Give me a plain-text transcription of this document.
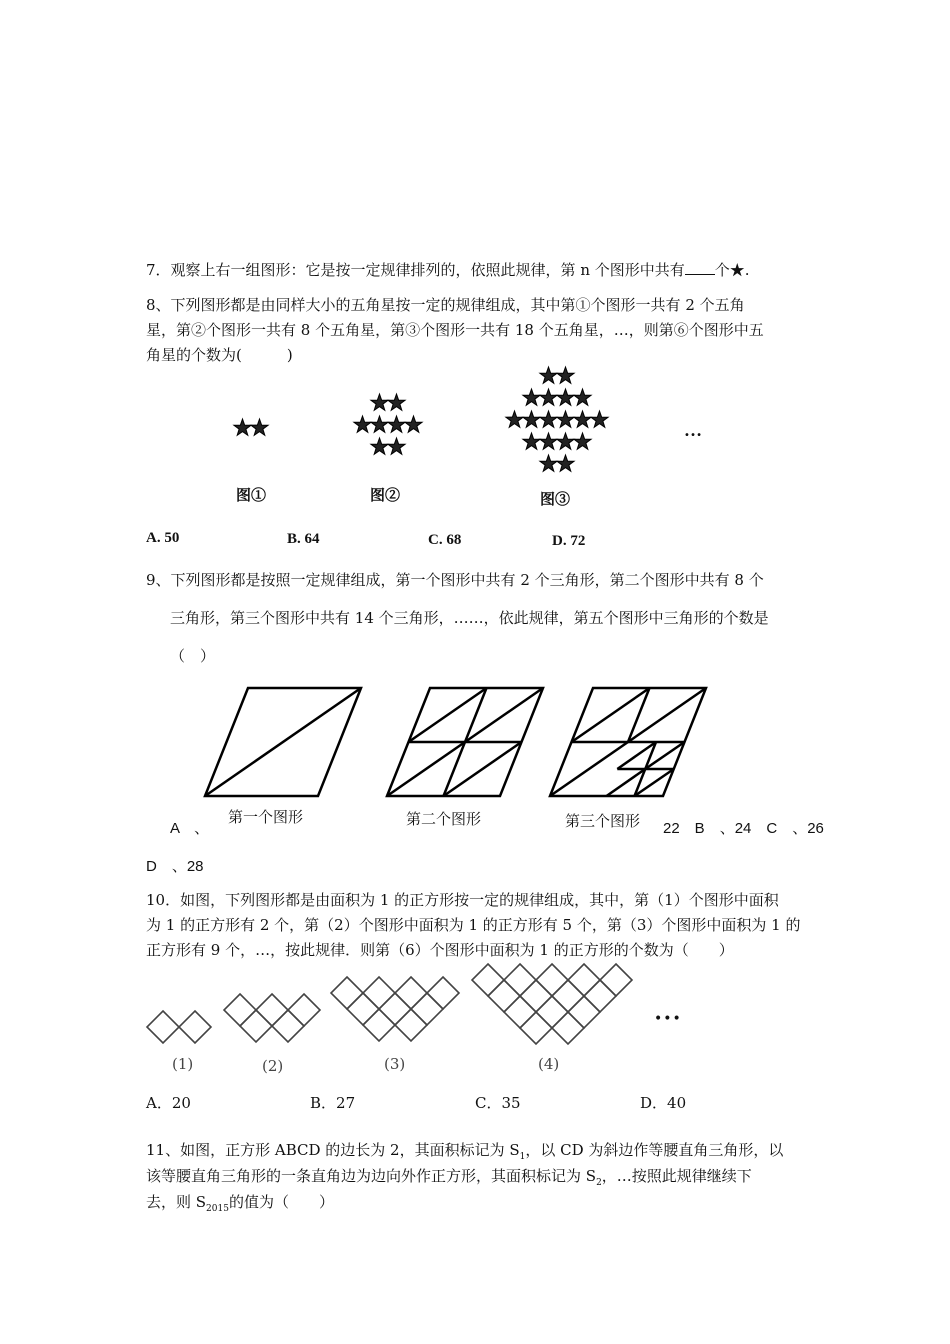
7．观察上右一组图形：它是按一定规律排列的，依照此规律，第 n 个图形中共有 个★.
8、下列图形都是由同样大小的五角星按一定的规律组成，其中第①个图形一共有 2 个五角
星，第②个图形一共有 8 个五角星，第③个图形一共有 18 个五角星，…，则第⑥个图形中五
角星的个数为(　　　)
图①	图②	图③
…
A. 50	B. 64	C. 68	D. 72
9、下列图形都是按照一定规律组成，第一个图形中共有 2 个三角形，第二个图形中共有 8 个
三角形，第三个图形中共有 14 个三角形，……，依此规律，第五个图形中三角形的个数是
（　）
第一个图形	第二个图形	第三个图形
A　、	22　B　、24　C　、26
D　、28
10．如图，下列图形都是由面积为 1 的正方形按一定的规律组成，其中，第（1）个图形中面积
为 1 的正方形有 2 个，第（2）个图形中面积为 1 的正方形有 5 个，第（3）个图形中面积为 1 的
正方形有 9 个，…，按此规律．则第（6）个图形中面积为 1 的正方形的个数为（　　）
(1)	(2)	(3)	(4)
•••
A．20	B．27	C．35	D．40
11、如图，正方形 ABCD 的边长为 2，其面积标记为 $S_1$，以 CD 为斜边作等腰直角三角形，以
该等腰直角三角形的一条直角边为边向外作正方形，其面积标记为 $S_2$，…按照此规律继续下
去，则 $S_{2015}$的值为（　　）
